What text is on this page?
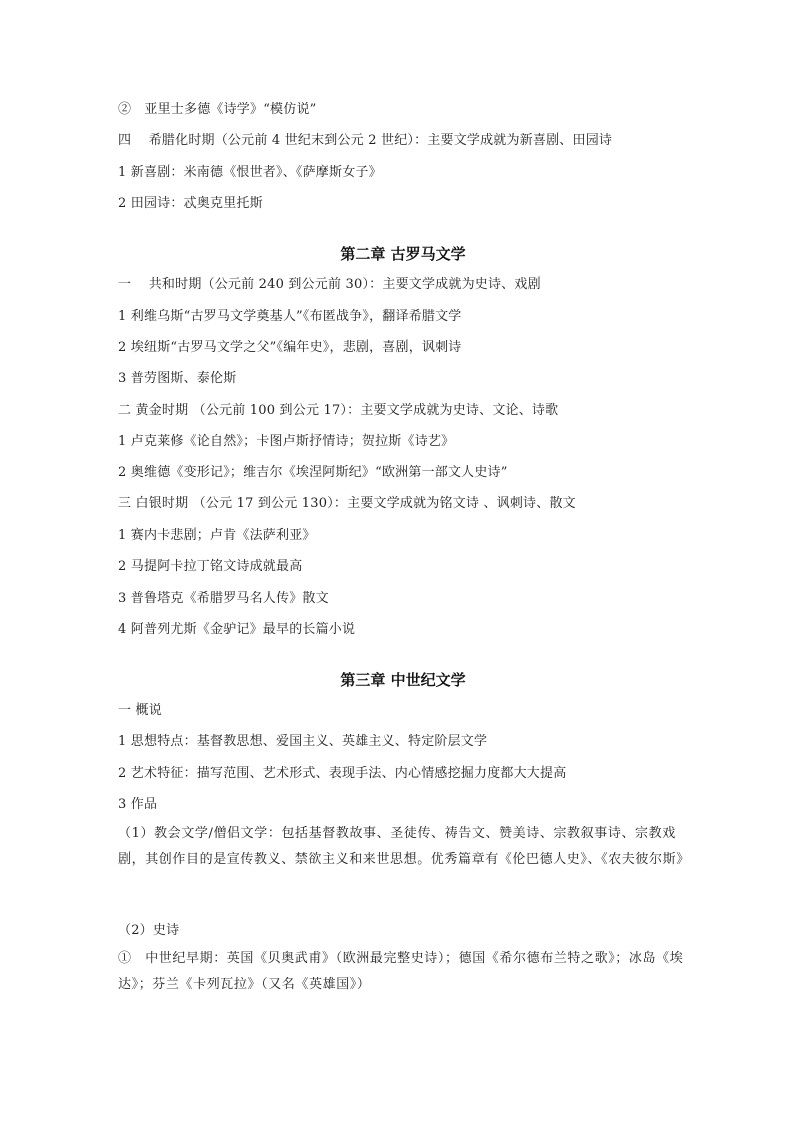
②　亚里士多德《诗学》“模仿说”
四　 希腊化时期（公元前 4 世纪末到公元 2 世纪）：主要文学成就为新喜剧、田园诗
1 新喜剧：米南德《恨世者》、《萨摩斯女子》
2 田园诗：忒奥克里托斯
第二章 古罗马文学
一　 共和时期（公元前 240 到公元前 30）：主要文学成就为史诗、戏剧
1 利维乌斯“古罗马文学奠基人”《布匿战争》，翻译希腊文学
2 埃纽斯“古罗马文学之父”《编年史》，悲剧，喜剧，讽刺诗
3 普劳图斯、泰伦斯
二 黄金时期 （公元前 100 到公元 17）：主要文学成就为史诗、文论、诗歌
1 卢克莱修《论自然》；卡图卢斯抒情诗；贺拉斯《诗艺》
2 奥维德《变形记》；维吉尔《埃涅阿斯纪》“欧洲第一部文人史诗”
三 白银时期 （公元 17 到公元 130）：主要文学成就为铭文诗 、讽刺诗、散文
1 赛内卡悲剧；卢肯《法萨利亚》
2 马提阿卡拉丁铭文诗成就最高
3 普鲁塔克《希腊罗马名人传》散文
4 阿普列尤斯《金驴记》最早的长篇小说
第三章 中世纪文学
一 概说
1 思想特点：基督教思想、爱国主义、英雄主义、特定阶层文学
2 艺术特征：描写范围、艺术形式、表现手法、内心情感挖掘力度都大大提高
3 作品
（1）教会文学/僧侣文学：包括基督教故事、圣徒传、祷告文、赞美诗、宗教叙事诗、宗教戏剧，其创作目的是宣传教义、禁欲主义和来世思想。优秀篇章有《伦巴德人史》、《农夫彼尔斯》
（2）史诗
①　中世纪早期：英国《贝奥武甫》（欧洲最完整史诗）；德国《希尔德布兰特之歌》；冰岛《埃达》；芬兰《卡列瓦拉》（又名《英雄国》）
